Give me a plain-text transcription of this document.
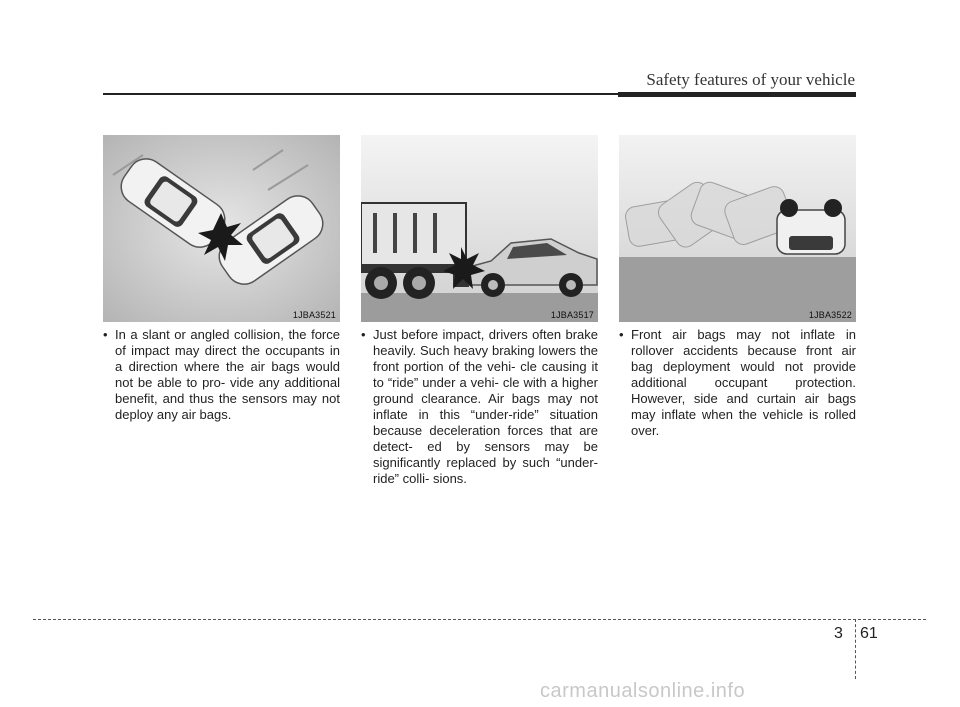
Safety features of your vehicle
1JBA3521	1JBA3517	1JBA3522
• In a slant or angled collision, the force of impact may direct the occupants in a direction where the air bags would not be able to pro- vide any additional benefit, and thus the sensors may not deploy any air bags.
• Just before impact, drivers often brake heavily. Such heavy braking lowers the front portion of the vehi- cle causing it to “ride” under a vehi- cle with a higher ground clearance. Air bags may not inflate in this “under-ride” situation because deceleration forces that are detect- ed by sensors may be significantly replaced by such “under-ride” colli- sions.
• Front air bags may not inflate in rollover accidents because front air bag deployment would not provide additional occupant protection. However, side and curtain air bags may inflate when the vehicle is rolled over.
3 61
carmanualsonline.info
